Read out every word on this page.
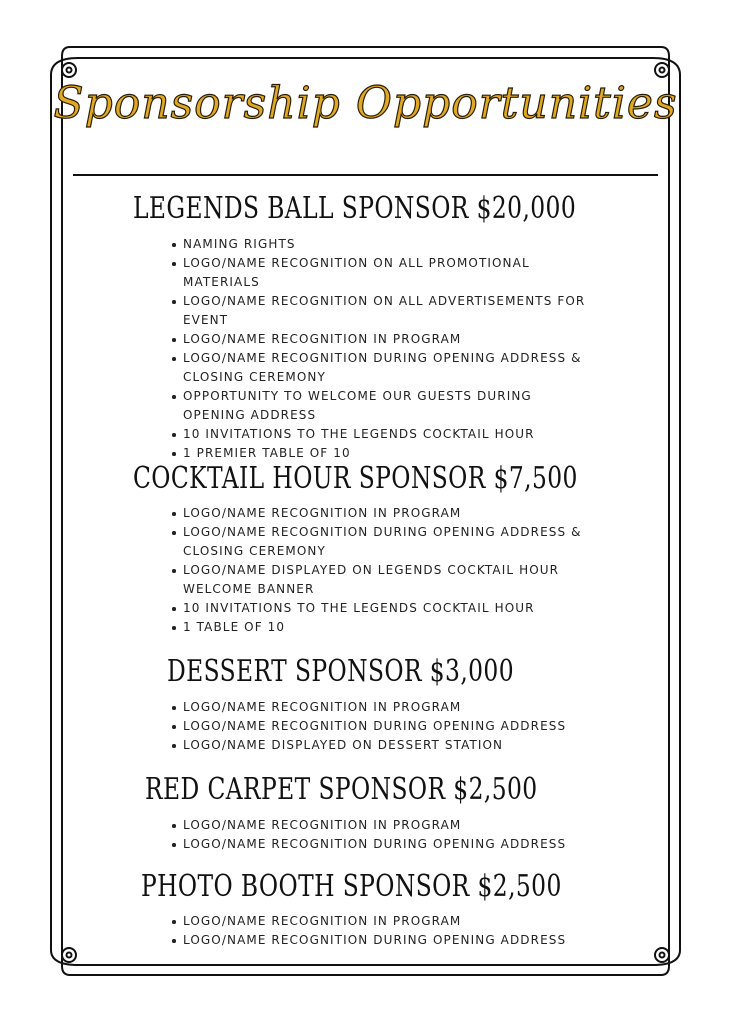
Sponsorship Opportunities
LEGENDS BALL SPONSOR $20,000
NAMING RIGHTS
LOGO/NAME RECOGNITION ON ALL PROMOTIONAL MATERIALS
LOGO/NAME RECOGNITION ON ALL ADVERTISEMENTS FOR EVENT
LOGO/NAME RECOGNITION IN PROGRAM
LOGO/NAME RECOGNITION DURING OPENING ADDRESS & CLOSING CEREMONY
OPPORTUNITY TO WELCOME OUR GUESTS DURING OPENING ADDRESS
10 INVITATIONS TO THE LEGENDS COCKTAIL HOUR
1 PREMIER TABLE OF 10
COCKTAIL HOUR SPONSOR $7,500
LOGO/NAME RECOGNITION IN PROGRAM
LOGO/NAME RECOGNITION DURING OPENING ADDRESS & CLOSING CEREMONY
LOGO/NAME DISPLAYED ON LEGENDS COCKTAIL HOUR WELCOME BANNER
10 INVITATIONS TO THE LEGENDS COCKTAIL HOUR
1 TABLE OF 10
DESSERT SPONSOR $3,000
LOGO/NAME RECOGNITION IN PROGRAM
LOGO/NAME RECOGNITION DURING OPENING ADDRESS
LOGO/NAME DISPLAYED ON DESSERT STATION
RED CARPET SPONSOR $2,500
LOGO/NAME RECOGNITION IN PROGRAM
LOGO/NAME RECOGNITION DURING OPENING ADDRESS
PHOTO BOOTH SPONSOR $2,500
LOGO/NAME RECOGNITION IN PROGRAM
LOGO/NAME RECOGNITION DURING OPENING ADDRESS
